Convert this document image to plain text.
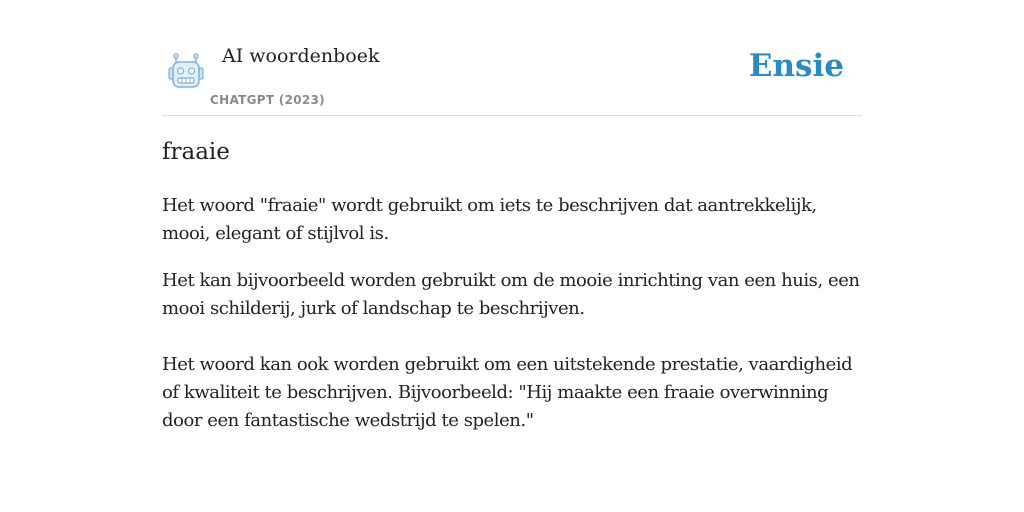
AI woordenboek
CHATGPT (2023)
Ensie
fraaie

Het woord "fraaie" wordt gebruikt om iets te beschrijven dat aantrekkelijk, mooi, elegant of stijlvol is.

Het kan bijvoorbeeld worden gebruikt om de mooie inrichting van een huis, een mooi schilderij, jurk of landschap te beschrijven.

Het woord kan ook worden gebruikt om een uitstekende prestatie, vaardigheid of kwaliteit te beschrijven. Bijvoorbeeld: "Hij maakte een fraaie overwinning door een fantastische wedstrijd te spelen."
